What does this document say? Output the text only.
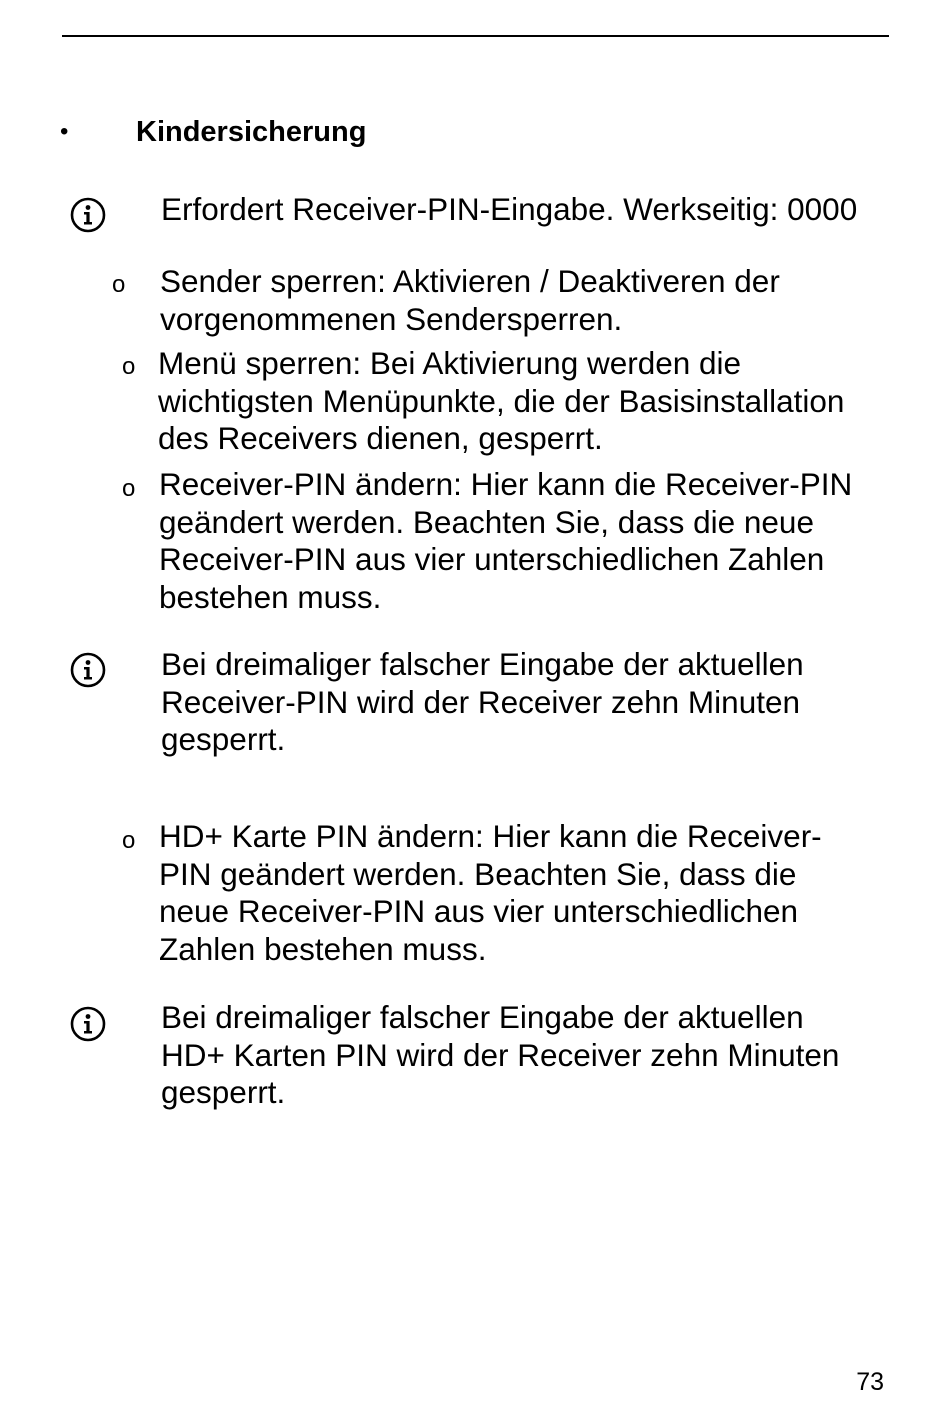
• Kindersicherung

Erfordert Receiver-PIN-Eingabe. Werkseitig: 0000

o Sender sperren: Aktivieren / Deaktiveren der
vorgenommenen Sendersperren.

o Menü sperren: Bei Aktivierung werden die
wichtigsten Menüpunkte, die der Basisinstallation
des Receivers dienen, gesperrt.

o Receiver-PIN ändern: Hier kann die Receiver-PIN
geändert werden. Beachten Sie, dass die neue
Receiver-PIN aus vier unterschiedlichen Zahlen
bestehen muss.

Bei dreimaliger falscher Eingabe der aktuellen
Receiver-PIN wird der Receiver zehn Minuten
gesperrt.

o HD+ Karte PIN ändern: Hier kann die Receiver-
PIN geändert werden. Beachten Sie, dass die
neue Receiver-PIN aus vier unterschiedlichen
Zahlen bestehen muss.

Bei dreimaliger falscher Eingabe der aktuellen
HD+ Karten PIN wird der Receiver zehn Minuten
gesperrt.

73
